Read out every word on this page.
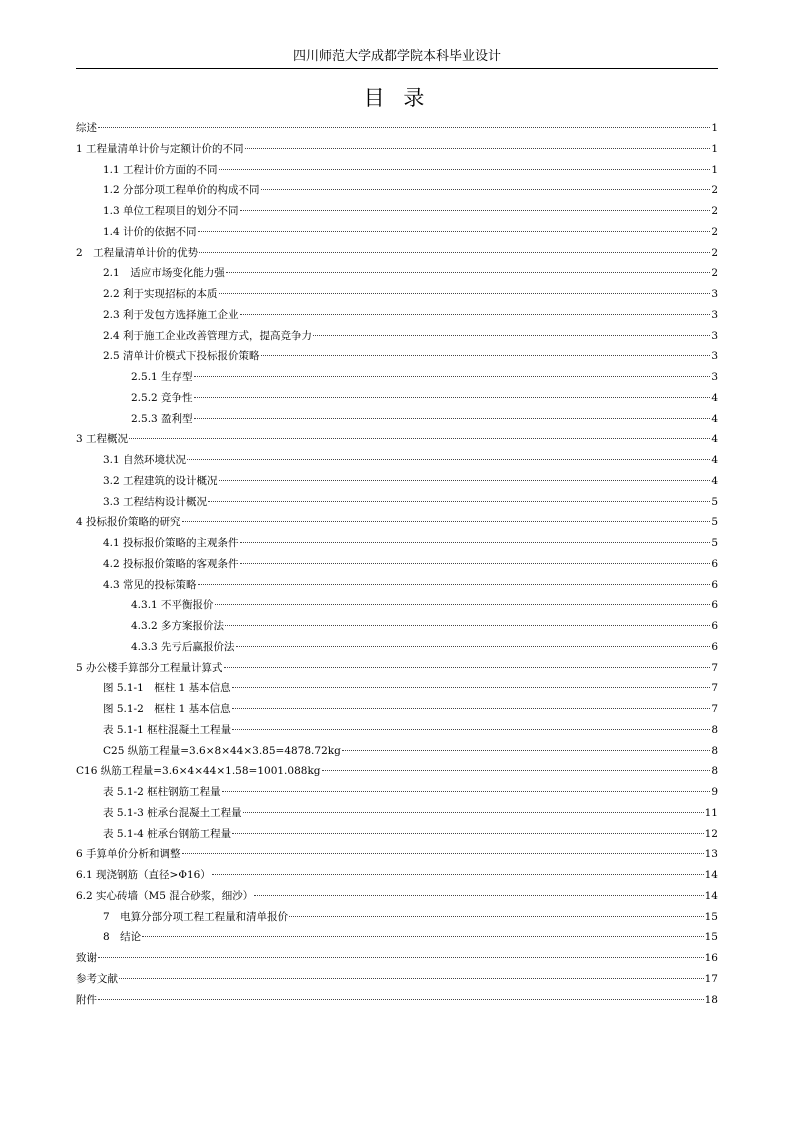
四川师范大学成都学院本科毕业设计
目 录
综述	1
1 工程量清单计价与定额计价的不同	1
1.1 工程计价方面的不同	1
1.2 分部分项工程单价的构成不同	2
1.3 单位工程项目的划分不同	2
1.4 计价的依据不同	2
2　工程量清单计价的优势	2
2.1　适应市场变化能力强	2
2.2 利于实现招标的本质	3
2.3 利于发包方选择施工企业	3
2.4 利于施工企业改善管理方式，提高竞争力	3
2.5 清单计价模式下投标报价策略	3
2.5.1 生存型	3
2.5.2 竞争性	4
2.5.3 盈利型	4
3 工程概况	4
3.1 自然环境状况	4
3.2 工程建筑的设计概况	4
3.3 工程结构设计概况	5
4 投标报价策略的研究	5
4.1 投标报价策略的主观条件	5
4.2 投标报价策略的客观条件	6
4.3 常见的投标策略	6
4.3.1 不平衡报价	6
4.3.2 多方案报价法	6
4.3.3 先亏后赢报价法	6
5 办公楼手算部分工程量计算式	7
图 5.1-1　框柱 1 基本信息	7
图 5.1-2　框柱 1 基本信息	7
表 5.1-1 框柱混凝土工程量	8
C25 纵筋工程量=3.6×8×44×3.85=4878.72kg	8
C16 纵筋工程量=3.6×4×44×1.58=1001.088kg	8
表 5.1-2 框柱钢筋工程量	9
表 5.1-3 桩承台混凝土工程量	11
表 5.1-4 桩承台钢筋工程量	12
6 手算单价分析和调整	13
6.1 现浇钢筋（直径>Φ16）	14
6.2 实心砖墙（M5 混合砂浆，细沙）	14
7　电算分部分项工程工程量和清单报价	15
8　结论	15
致谢	16
参考文献	17
附件	18
